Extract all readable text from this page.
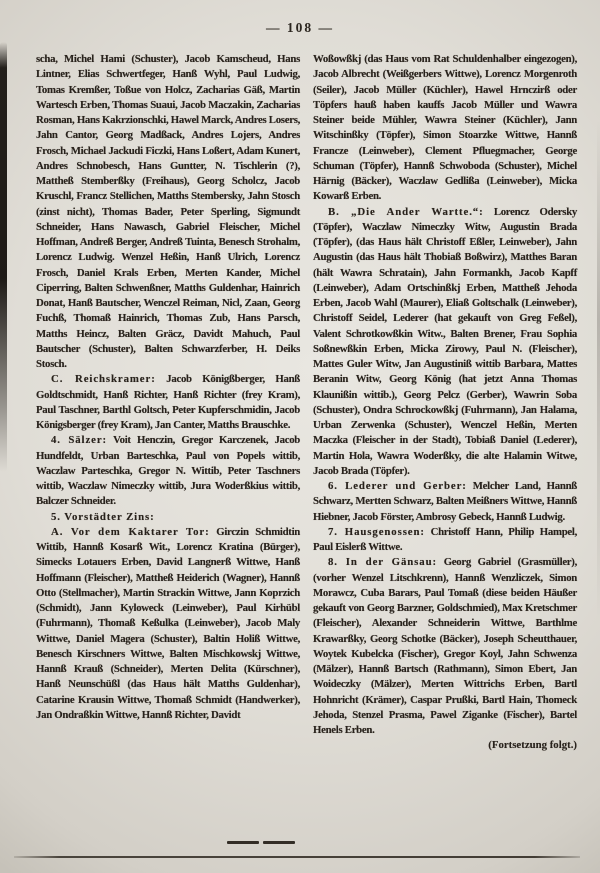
— 108 —

scha, Michel Hami (Schuster), Jacob Kamscheud, Hans Lintner, Elias Schwertfeger, Hanß Wyhl, Paul Ludwig, Tomas Kremßer, Toßue von Holcz, Zacharias Gäß, Martin Wartesch Erben, Thomas Suaui, Jacob Maczakin, Zacharias Rosman, Hans Kakrzionschki, Hawel Marck, Andres Losers, Jahn Cantor, Georg Madßack, Andres Lojers, Andres Frosch, Michael Jackudi Ficzki, Hans Loßert, Adam Kunert, Andres Schnobesch, Hans Guntter, N. Tischlerin (?), Mattheß Stemberßky (Freihaus), Georg Scholcz, Jacob Kruschl, Francz Stellichen, Matths Stembersky, Jahn Stosch (zinst nicht), Thomas Bader, Peter Sperling, Sigmundt Schneider, Hans Nawasch, Gabriel Fleischer, Michel Hoffman, Andreß Berger, Andreß Tuinta, Benesch Strohalm, Lorencz Ludwig. Wenzel Heßin, Hanß Ulrich, Lorencz Frosch, Daniel Krals Erben, Merten Kander, Michel Ciperring, Balten Schwenßner, Matths Guldenhar, Hainrich Donat, Hanß Bautscher, Wenczel Reiman, Nicl, Zaan, Georg Fuchß, Thomaß Hainrich, Thomas Zub, Hans Parsch, Matths Heincz, Balten Gräcz, Davidt Mahuch, Paul Bautscher (Schuster), Balten Schwarzferber, H. Deiks Stosch.

C. Reichskramer: Jacob Königßberger, Hanß Goldtschmidt, Hanß Richter, Hanß Richter (frey Kram), Paul Taschner, Barthl Goltsch, Peter Kupferschmidin, Jacob Königsberger (frey Kram), Jan Canter, Matths Brauschke.

4. Sälzer: Voit Henczin, Gregor Karczenek, Jacob Hundfeldt, Urban Barteschka, Paul von Popels wittib, Waczlaw Parteschka, Gregor N. Wittib, Peter Taschners wittib, Waczlaw Nimeczky wittib, Jura Woderßkius wittib, Balczer Schneider.

5. Vorstädter Zins:

A. Vor dem Kaktarer Tor: Girczin Schmidtin Wittib, Hannß Kosarß Wit., Lorencz Kratina (Bürger), Simecks Lotauers Erben, David Langnerß Wittwe, Hanß Hoffmann (Fleischer), Mattheß Heiderich (Wagner), Hannß Otto (Stellmacher), Martin Strackin Wittwe, Jann Koprzich (Schmidt), Jann Kyloweck (Leinweber), Paul Kirhübl (Fuhrmann), Thomaß Keßulka (Leinweber), Jacob Maly Wittwe, Daniel Magera (Schuster), Baltin Holiß Wittwe, Benesch Kirschners Wittwe, Balten Mischkowskj Wittwe, Hannß Krauß (Schneider), Merten Delita (Kürschner), Hanß Neunschüßl (das Haus hält Matths Guldenhar), Catarine Krausin Wittwe, Thomaß Schmidt (Handwerker), Jan Ondraßkin Wittwe, Hannß Richter, Davidt

Woßowßkj (das Haus vom Rat Schuldenhalber eingezogen), Jacob Albrecht (Weißgerbers Wittwe), Lorencz Morgenroth (Seiler), Jacob Müller (Küchler), Hawel Hrnczirß oder Töpfers hauß haben kauffs Jacob Müller und Wawra Steiner beide Mühler, Wawra Steiner (Küchler), Jann Witschinßky (Töpfer), Simon Stoarzke Wittwe, Hannß Francze (Leinweber), Clement Pfluegmacher, George Schuman (Töpfer), Hannß Schwoboda (Schuster), Michel Härnig (Bäcker), Waczlaw Gedlißa (Leinweber), Micka Kowarß Erben.

B. „Die Ander Wartte.“: Lorencz Odersky (Töpfer), Waczlaw Nimeczky Witw, Augustin Brada (Töpfer), (das Haus hält Christoff Eßler, Leinweber), Jahn Augustin (das Haus hält Thobiaß Boßwirz), Matthes Baran (hält Wawra Schratain), Jahn Formankh, Jacob Kapff (Leinweber), Adam Ortschinßkj Erben, Mattheß Jehoda Erben, Jacob Wahl (Maurer), Eliaß Goltschalk (Leinweber), Christoff Seidel, Lederer (hat gekauft von Greg Feßel), Valent Schrotkowßkin Witw., Balten Brener, Frau Sophia Soßnewßkin Erben, Micka Zirowy, Paul N. (Fleischer), Mattes Guler Witw, Jan Augustiniß wittib Barbara, Mattes Beranin Witw, Georg König (hat jetzt Anna Thomas Klaunißin wittib.), Georg Pelcz (Gerber), Wawrin Soba (Schuster), Ondra Schrockowßkj (Fuhrmann), Jan Halama, Urban Zerwenka (Schuster), Wenczel Heßin, Merten Maczka (Fleischer in der Stadt), Tobiaß Daniel (Lederer), Martin Hola, Wawra Woderßky, die alte Halamin Witwe, Jacob Brada (Töpfer).

6. Lederer und Gerber: Melcher Land, Hannß Schwarz, Mertten Schwarz, Balten Meißners Wittwe, Hannß Hiebner, Jacob Förster, Ambrosy Gebeck, Hannß Ludwig.

7. Hausgenossen: Christoff Hann, Philip Hampel, Paul Eislerß Wittwe.

8. In der Gänsau: Georg Gabriel (Grasmüller), (vorher Wenzel Litschkrenn), Hannß Wenzliczek, Simon Morawcz, Cuba Barars, Paul Tomaß (diese beiden Häußer gekauft von Georg Barzner, Goldschmied), Max Kretschmer (Fleischer), Alexander Schneiderin Wittwe, Barthlme Krawarßky, Georg Schotke (Bäcker), Joseph Scheutthauer, Woytek Kubelcka (Fischer), Gregor Koyl, Jahn Schwenza (Mälzer), Hannß Bartsch (Rathmann), Simon Ebert, Jan Woideczky (Mälzer), Merten Wittrichs Erben, Bartl Hohnricht (Krämer), Caspar Prußki, Bartl Hain, Thomeck Jehoda, Stenzel Prasma, Pawel Ziganke (Fischer), Bartel Henels Erben.

(Fortsetzung folgt.)
